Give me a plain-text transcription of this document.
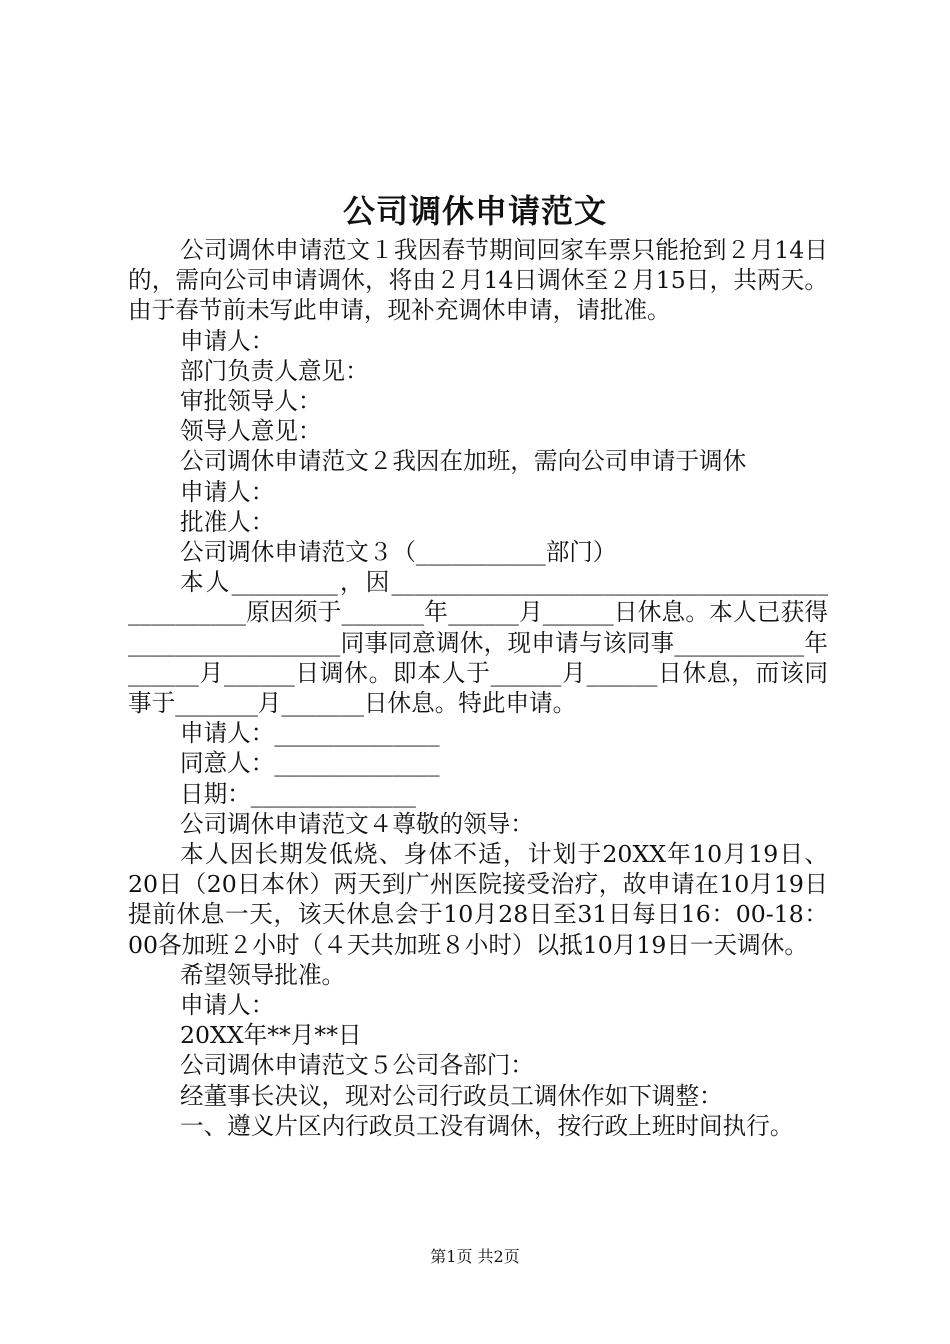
公司调休申请范文

公司调休申请范文１我因春节期间回家车票只能抢到２月14日的，需向公司申请调休，将由２月14日调休至２月15日，共两天。由于春节前未写此申请，现补充调休申请，请批准。

申请人：

部门负责人意见：

审批领导人：

领导人意见：

公司调休申请范文２我因在加班，需向公司申请于调休

申请人：

批准人：

公司调休申请范文３（___________部门）

本人_________，因_______________________________________________原因须于_______年______月______日休息。本人已获得__________________同事同意调休，现申请与该同事___________年______月______日调休。即本人于______月______日休息，而该同事于_______月_______日休息。特此申请。

申请人：______________

同意人：______________

日期：______________

公司调休申请范文４尊敬的领导：

本人因长期发低烧、身体不适，计划于20XX年10月19日、20日（20日本休）两天到广州医院接受治疗，故申请在10月19日提前休息一天，该天休息会于10月28日至31日每日16：00-18：00各加班２小时（４天共加班８小时）以抵10月19日一天调休。

希望领导批准。

申请人：

20XX年**月**日

公司调休申请范文５公司各部门：

经董事长决议，现对公司行政员工调休作如下调整：

一、遵义片区内行政员工没有调休，按行政上班时间执行。

第1页 共2页
